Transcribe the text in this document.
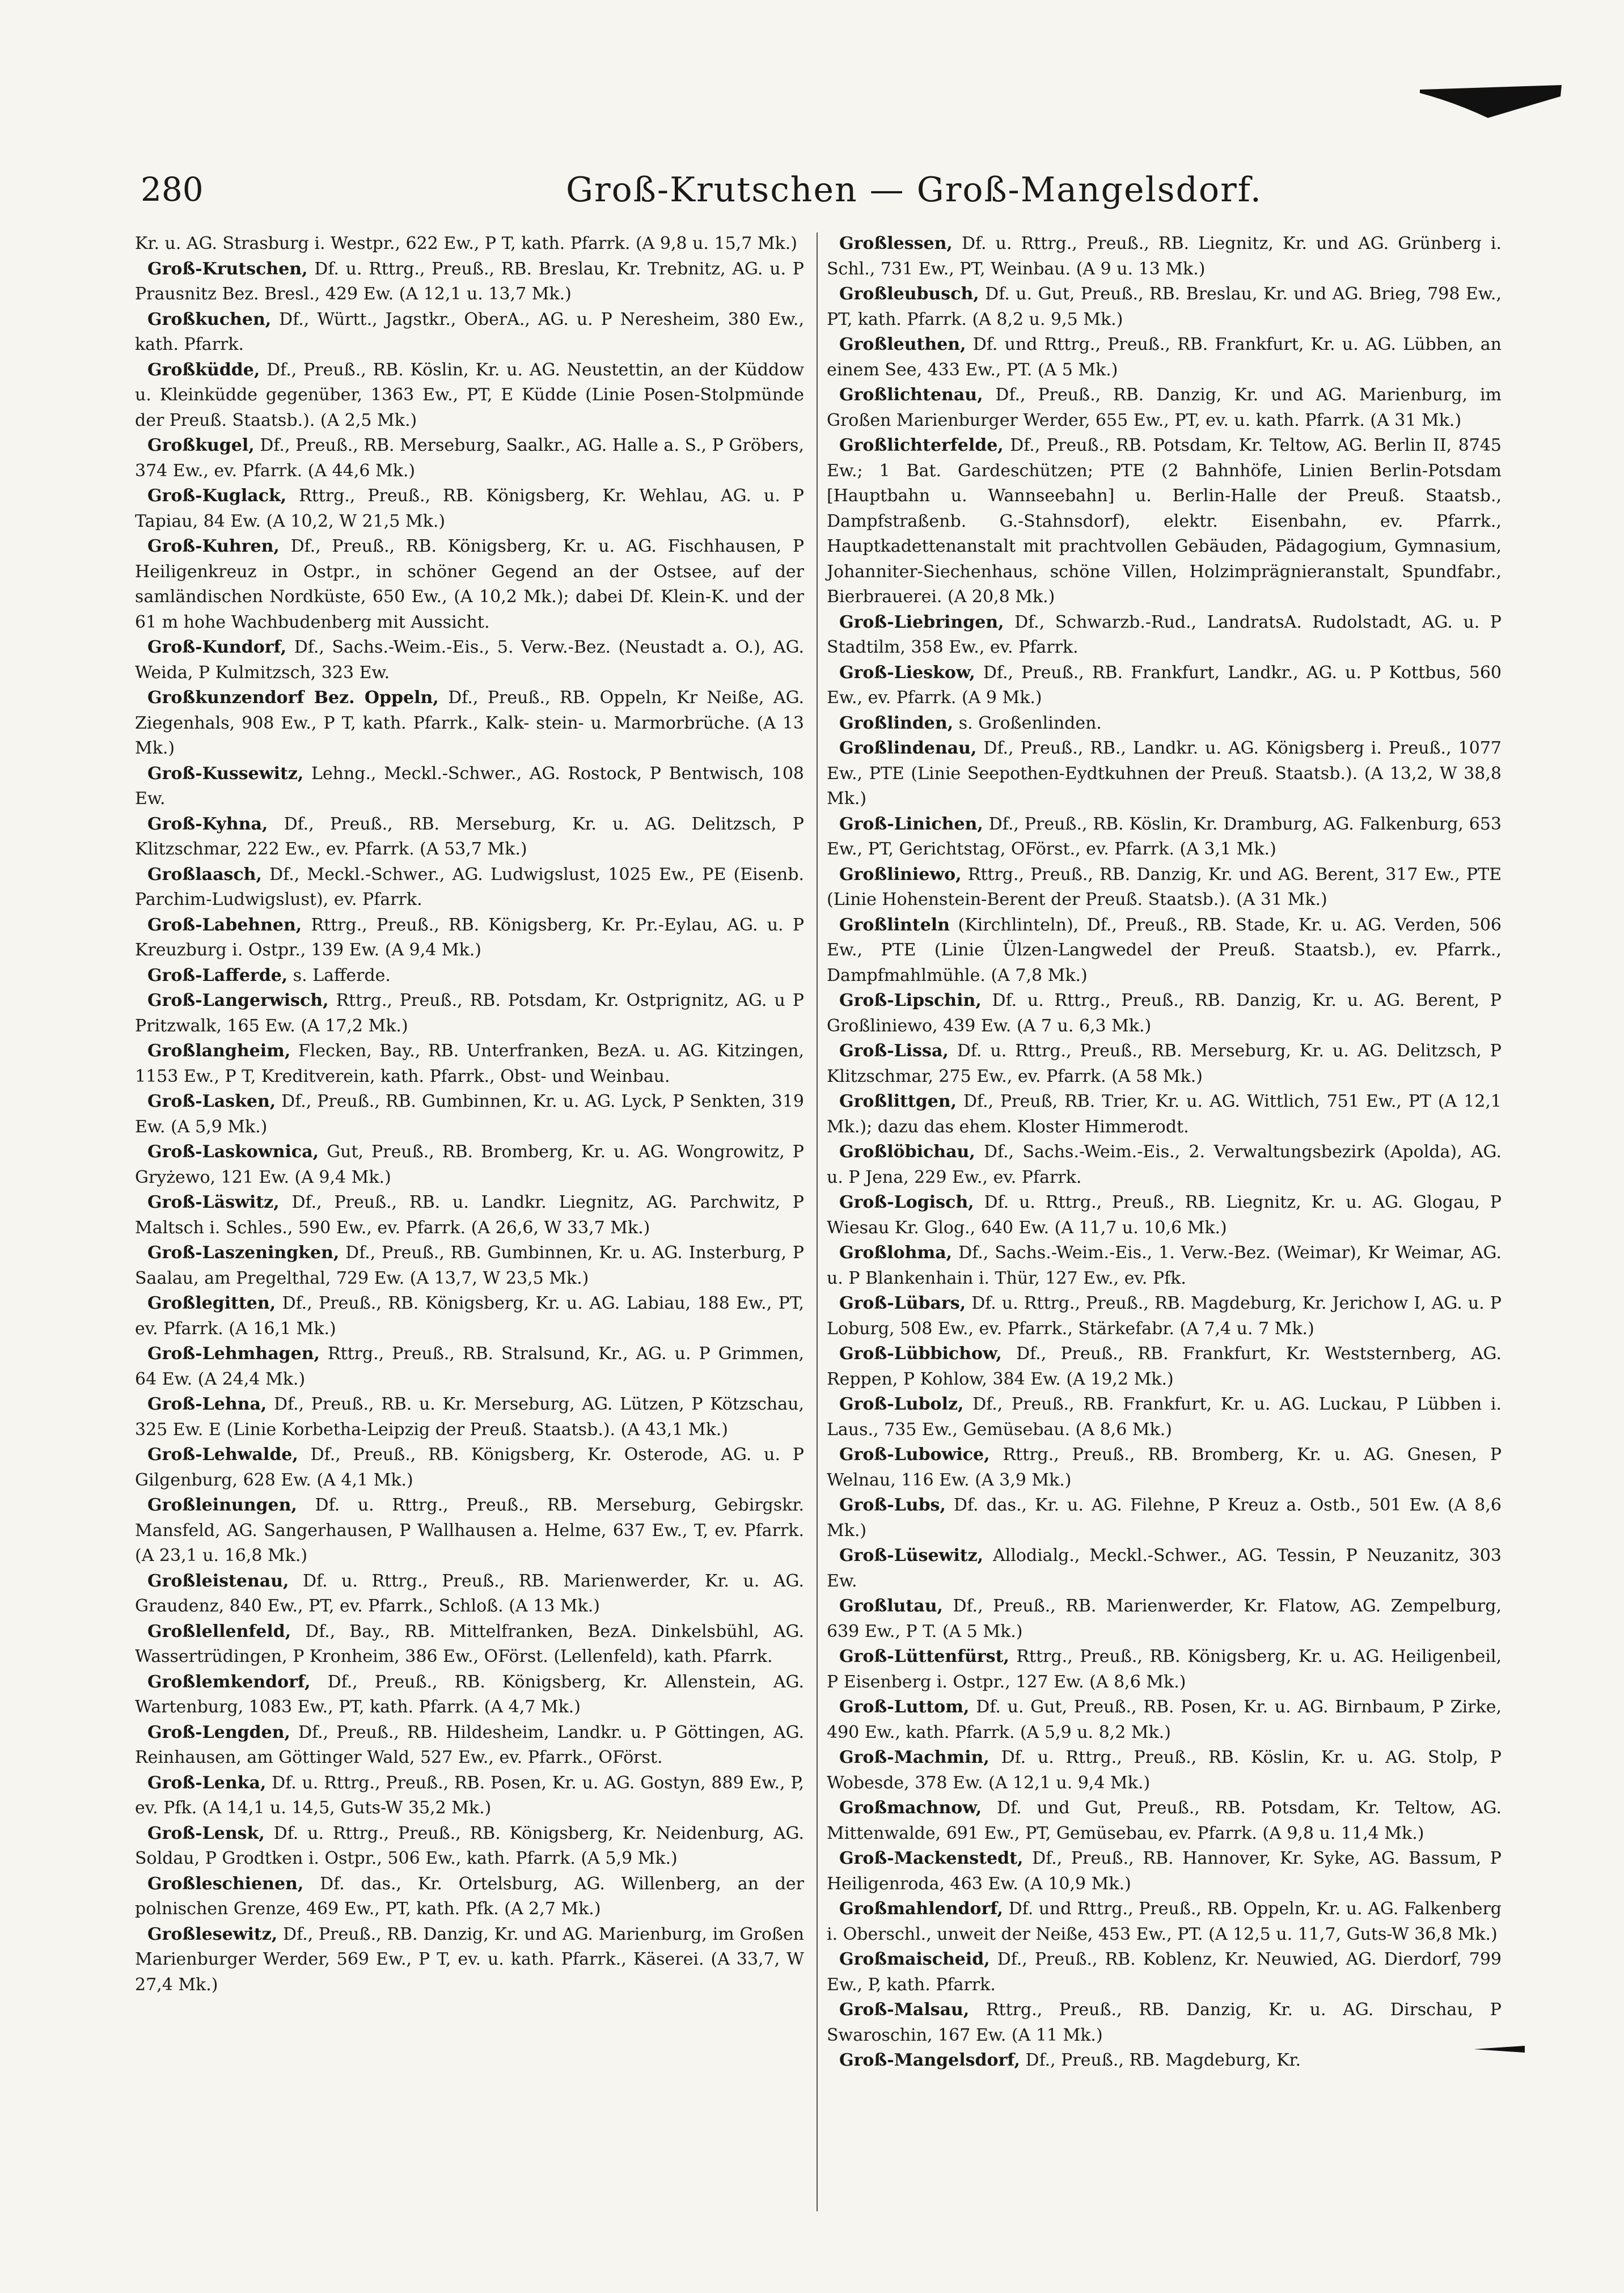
280	Groß-Krutschen — Groß-Mangelsdorf.

Kr. u. AG. Strasburg i. Westpr., 622 Ew., P T, kath. Pfarrk. (A 9,8 u. 15,7 Mk.)

Groß-Krutschen, Df. u. Rttrg., Preuß., RB. Breslau, Kr. Trebnitz, AG. u. P Prausnitz Bez. Bresl., 429 Ew. (A 12,1 u. 13,7 Mk.)

Großkuchen, Df., Württ., Jagstkr., OberA., AG. u. P Neresheim, 380 Ew., kath. Pfarrk.

Großküdde, Df., Preuß., RB. Köslin, Kr. u. AG. Neustettin, an der Küddow u. Kleinküdde gegenüber, 1363 Ew., PT, E Küdde (Linie Posen-Stolpmünde der Preuß. Staatsb.). (A 2,5 Mk.)

Großkugel, Df., Preuß., RB. Merseburg, Saalkr., AG. Halle a. S., P Gröbers, 374 Ew., ev. Pfarrk. (A 44,6 Mk.)

Groß-Kuglack, Rttrg., Preuß., RB. Königsberg, Kr. Wehlau, AG. u. P Tapiau, 84 Ew. (A 10,2, W 21,5 Mk.)

Groß-Kuhren, Df., Preuß., RB. Königsberg, Kr. u. AG. Fischhausen, P Heiligenkreuz in Ostpr., in schöner Gegend an der Ostsee, auf der samländischen Nordküste, 650 Ew., (A 10,2 Mk.); dabei Df. Klein-K. und der 61 m hohe Wachbudenberg mit Aussicht.

Groß-Kundorf, Df., Sachs.-Weim.-Eis., 5. Verw.-Bez. (Neustadt a. O.), AG. Weida, P Kulmitzsch, 323 Ew.

Großkunzendorf Bez. Oppeln, Df., Preuß., RB. Oppeln, Kr Neiße, AG. Ziegenhals, 908 Ew., P T, kath. Pfarrk., Kalk- stein- u. Marmorbrüche. (A 13 Mk.)

Groß-Kussewitz, Lehng., Meckl.-Schwer., AG. Rostock, P Bentwisch, 108 Ew.

Groß-Kyhna, Df., Preuß., RB. Merseburg, Kr. u. AG. Delitzsch, P Klitzschmar, 222 Ew., ev. Pfarrk. (A 53,7 Mk.)

Großlaasch, Df., Meckl.-Schwer., AG. Ludwigslust, 1025 Ew., PE (Eisenb. Parchim-Ludwigslust), ev. Pfarrk.

Groß-Labehnen, Rttrg., Preuß., RB. Königsberg, Kr. Pr.-Eylau, AG. u. P Kreuzburg i. Ostpr., 139 Ew. (A 9,4 Mk.)

Groß-Lafferde, s. Lafferde.

Groß-Langerwisch, Rttrg., Preuß., RB. Potsdam, Kr. Ostprignitz, AG. u P Pritzwalk, 165 Ew. (A 17,2 Mk.)

Großlangheim, Flecken, Bay., RB. Unterfranken, BezA. u. AG. Kitzingen, 1153 Ew., P T, Kreditverein, kath. Pfarrk., Obst- und Weinbau.

Groß-Lasken, Df., Preuß., RB. Gumbinnen, Kr. u. AG. Lyck, P Senkten, 319 Ew. (A 5,9 Mk.)

Groß-Laskownica, Gut, Preuß., RB. Bromberg, Kr. u. AG. Wongrowitz, P Gryżewo, 121 Ew. (A 9,4 Mk.)

Groß-Läswitz, Df., Preuß., RB. u. Landkr. Liegnitz, AG. Parchwitz, P Maltsch i. Schles., 590 Ew., ev. Pfarrk. (A 26,6, W 33,7 Mk.)

Groß-Laszeningken, Df., Preuß., RB. Gumbinnen, Kr. u. AG. Insterburg, P Saalau, am Pregelthal, 729 Ew. (A 13,7, W 23,5 Mk.)

Großlegitten, Df., Preuß., RB. Königsberg, Kr. u. AG. Labiau, 188 Ew., PT, ev. Pfarrk. (A 16,1 Mk.)

Groß-Lehmhagen, Rttrg., Preuß., RB. Stralsund, Kr., AG. u. P Grimmen, 64 Ew. (A 24,4 Mk.)

Groß-Lehna, Df., Preuß., RB. u. Kr. Merseburg, AG. Lützen, P Kötzschau, 325 Ew. E (Linie Korbetha-Leipzig der Preuß. Staatsb.). (A 43,1 Mk.)

Groß-Lehwalde, Df., Preuß., RB. Königsberg, Kr. Osterode, AG. u. P Gilgenburg, 628 Ew. (A 4,1 Mk.)

Großleinungen, Df. u. Rttrg., Preuß., RB. Merseburg, Gebirgskr. Mansfeld, AG. Sangerhausen, P Wallhausen a. Helme, 637 Ew., T, ev. Pfarrk. (A 23,1 u. 16,8 Mk.)

Großleistenau, Df. u. Rttrg., Preuß., RB. Marienwerder, Kr. u. AG. Graudenz, 840 Ew., PT, ev. Pfarrk., Schloß. (A 13 Mk.)

Großlellenfeld, Df., Bay., RB. Mittelfranken, BezA. Dinkelsbühl, AG. Wassertrüdingen, P Kronheim, 386 Ew., OFörst. (Lellenfeld), kath. Pfarrk.

Großlemkendorf, Df., Preuß., RB. Königsberg, Kr. Allenstein, AG. Wartenburg, 1083 Ew., PT, kath. Pfarrk. (A 4,7 Mk.)

Groß-Lengden, Df., Preuß., RB. Hildesheim, Landkr. u. P Göttingen, AG. Reinhausen, am Göttinger Wald, 527 Ew., ev. Pfarrk., OFörst.

Groß-Lenka, Df. u. Rttrg., Preuß., RB. Posen, Kr. u. AG. Gostyn, 889 Ew., P, ev. Pfk. (A 14,1 u. 14,5, Guts-W 35,2 Mk.)

Groß-Lensk, Df. u. Rttrg., Preuß., RB. Königsberg, Kr. Neidenburg, AG. Soldau, P Grodtken i. Ostpr., 506 Ew., kath. Pfarrk. (A 5,9 Mk.)

Großleschienen, Df. das., Kr. Ortelsburg, AG. Willenberg, an der polnischen Grenze, 469 Ew., PT, kath. Pfk. (A 2,7 Mk.)

Großlesewitz, Df., Preuß., RB. Danzig, Kr. und AG. Marienburg, im Großen Marienburger Werder, 569 Ew., P T, ev. u. kath. Pfarrk., Käserei. (A 33,7, W 27,4 Mk.)

Großlessen, Df. u. Rttrg., Preuß., RB. Liegnitz, Kr. und AG. Grünberg i. Schl., 731 Ew., PT, Weinbau. (A 9 u. 13 Mk.)

Großleubusch, Df. u. Gut, Preuß., RB. Breslau, Kr. und AG. Brieg, 798 Ew., PT, kath. Pfarrk. (A 8,2 u. 9,5 Mk.)

Großleuthen, Df. und Rttrg., Preuß., RB. Frankfurt, Kr. u. AG. Lübben, an einem See, 433 Ew., PT. (A 5 Mk.)

Großlichtenau, Df., Preuß., RB. Danzig, Kr. und AG. Marienburg, im Großen Marienburger Werder, 655 Ew., PT, ev. u. kath. Pfarrk. (A 31 Mk.)

Großlichterfelde, Df., Preuß., RB. Potsdam, Kr. Teltow, AG. Berlin II, 8745 Ew.; 1 Bat. Gardeschützen; PTE (2 Bahnhöfe, Linien Berlin-Potsdam [Hauptbahn u. Wannseebahn] u. Berlin-Halle der Preuß. Staatsb., Dampfstraßenb. G.-Stahnsdorf), elektr. Eisenbahn, ev. Pfarrk., Hauptkadettenanstalt mit prachtvollen Gebäuden, Pädagogium, Gymnasium, Johanniter-Siechenhaus, schöne Villen, Holzimprägnieranstalt, Spundfabr., Bierbrauerei. (A 20,8 Mk.)

Groß-Liebringen, Df., Schwarzb.-Rud., LandratsA. Rudolstadt, AG. u. P Stadtilm, 358 Ew., ev. Pfarrk.

Groß-Lieskow, Df., Preuß., RB. Frankfurt, Landkr., AG. u. P Kottbus, 560 Ew., ev. Pfarrk. (A 9 Mk.)

Großlinden, s. Großenlinden.

Großlindenau, Df., Preuß., RB., Landkr. u. AG. Königsberg i. Preuß., 1077 Ew., PTE (Linie Seepothen-Eydtkuhnen der Preuß. Staatsb.). (A 13,2, W 38,8 Mk.)

Groß-Linichen, Df., Preuß., RB. Köslin, Kr. Dramburg, AG. Falkenburg, 653 Ew., PT, Gerichtstag, OFörst., ev. Pfarrk. (A 3,1 Mk.)

Großliniewo, Rttrg., Preuß., RB. Danzig, Kr. und AG. Berent, 317 Ew., PTE (Linie Hohenstein-Berent der Preuß. Staatsb.). (A 31 Mk.)

Großlinteln (Kirchlinteln), Df., Preuß., RB. Stade, Kr. u. AG. Verden, 506 Ew., PTE (Linie Ülzen-Langwedel der Preuß. Staatsb.), ev. Pfarrk., Dampfmahlmühle. (A 7,8 Mk.)

Groß-Lipschin, Df. u. Rttrg., Preuß., RB. Danzig, Kr. u. AG. Berent, P Großliniewo, 439 Ew. (A 7 u. 6,3 Mk.)

Groß-Lissa, Df. u. Rttrg., Preuß., RB. Merseburg, Kr. u. AG. Delitzsch, P Klitzschmar, 275 Ew., ev. Pfarrk. (A 58 Mk.)

Großlittgen, Df., Preuß, RB. Trier, Kr. u. AG. Wittlich, 751 Ew., PT (A 12,1 Mk.); dazu das ehem. Kloster Himmerodt.

Großlöbichau, Df., Sachs.-Weim.-Eis., 2. Verwaltungsbezirk (Apolda), AG. u. P Jena, 229 Ew., ev. Pfarrk.

Groß-Logisch, Df. u. Rttrg., Preuß., RB. Liegnitz, Kr. u. AG. Glogau, P Wiesau Kr. Glog., 640 Ew. (A 11,7 u. 10,6 Mk.)

Großlohma, Df., Sachs.-Weim.-Eis., 1. Verw.-Bez. (Weimar), Kr Weimar, AG. u. P Blankenhain i. Thür, 127 Ew., ev. Pfk.

Groß-Lübars, Df. u. Rttrg., Preuß., RB. Magdeburg, Kr. Jerichow I, AG. u. P Loburg, 508 Ew., ev. Pfarrk., Stärkefabr. (A 7,4 u. 7 Mk.)

Groß-Lübbichow, Df., Preuß., RB. Frankfurt, Kr. Weststernberg, AG. Reppen, P Kohlow, 384 Ew. (A 19,2 Mk.)

Groß-Lubolz, Df., Preuß., RB. Frankfurt, Kr. u. AG. Luckau, P Lübben i. Laus., 735 Ew., Gemüsebau. (A 8,6 Mk.)

Groß-Lubowice, Rttrg., Preuß., RB. Bromberg, Kr. u. AG. Gnesen, P Welnau, 116 Ew. (A 3,9 Mk.)

Groß-Lubs, Df. das., Kr. u. AG. Filehne, P Kreuz a. Ostb., 501 Ew. (A 8,6 Mk.)

Groß-Lüsewitz, Allodialg., Meckl.-Schwer., AG. Tessin, P Neuzanitz, 303 Ew.

Großlutau, Df., Preuß., RB. Marienwerder, Kr. Flatow, AG. Zempelburg, 639 Ew., P T. (A 5 Mk.)

Groß-Lüttenfürst, Rttrg., Preuß., RB. Königsberg, Kr. u. AG. Heiligenbeil, P Eisenberg i. Ostpr., 127 Ew. (A 8,6 Mk.)

Groß-Luttom, Df. u. Gut, Preuß., RB. Posen, Kr. u. AG. Birnbaum, P Zirke, 490 Ew., kath. Pfarrk. (A 5,9 u. 8,2 Mk.)

Groß-Machmin, Df. u. Rttrg., Preuß., RB. Köslin, Kr. u. AG. Stolp, P Wobesde, 378 Ew. (A 12,1 u. 9,4 Mk.)

Großmachnow, Df. und Gut, Preuß., RB. Potsdam, Kr. Teltow, AG. Mittenwalde, 691 Ew., PT, Gemüsebau, ev. Pfarrk. (A 9,8 u. 11,4 Mk.)

Groß-Mackenstedt, Df., Preuß., RB. Hannover, Kr. Syke, AG. Bassum, P Heiligenroda, 463 Ew. (A 10,9 Mk.)

Großmahlendorf, Df. und Rttrg., Preuß., RB. Oppeln, Kr. u. AG. Falkenberg i. Oberschl., unweit der Neiße, 453 Ew., PT. (A 12,5 u. 11,7, Guts-W 36,8 Mk.)

Großmaischeid, Df., Preuß., RB. Koblenz, Kr. Neuwied, AG. Dierdorf, 799 Ew., P, kath. Pfarrk.

Groß-Malsau, Rttrg., Preuß., RB. Danzig, Kr. u. AG. Dirschau, P Swaroschin, 167 Ew. (A 11 Mk.)

Groß-Mangelsdorf, Df., Preuß., RB. Magdeburg, Kr.
